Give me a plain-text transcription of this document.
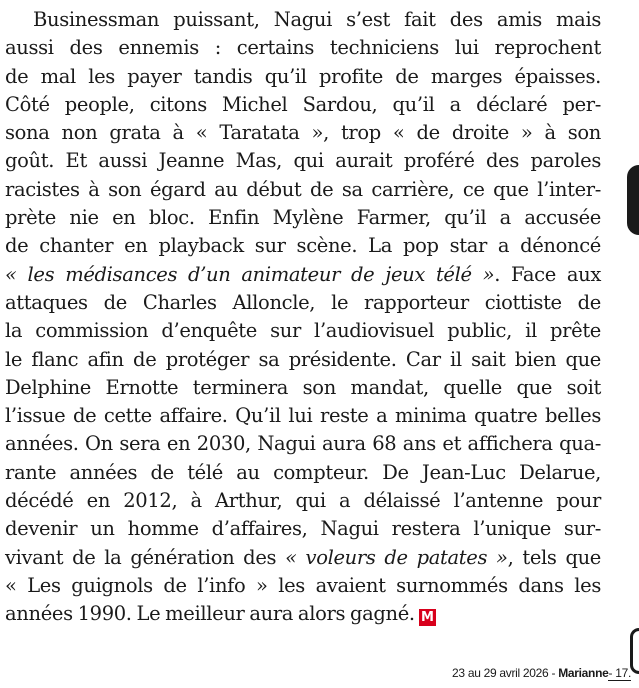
Businessman puissant, Nagui s’est fait des amis mais
aussi des ennemis : certains techniciens lui reprochent
de mal les payer tandis qu’il profite de marges épaisses.
Côté people, citons Michel Sardou, qu’il a déclaré per-
sona non grata à « Taratata », trop « de droite » à son
goût. Et aussi Jeanne Mas, qui aurait proféré des paroles
racistes à son égard au début de sa carrière, ce que l’inter-
prète nie en bloc. Enfin Mylène Farmer, qu’il a accusée
de chanter en playback sur scène. La pop star a dénoncé
« les médisances d’un animateur de jeux télé ». Face aux
attaques de Charles Alloncle, le rapporteur ciottiste de
la commission d’enquête sur l’audiovisuel public, il prête
le flanc afin de protéger sa présidente. Car il sait bien que
Delphine Ernotte terminera son mandat, quelle que soit
l’issue de cette affaire. Qu’il lui reste a minima quatre belles
années. On sera en 2030, Nagui aura 68 ans et affichera qua-
rante années de télé au compteur. De Jean-Luc Delarue,
décédé en 2012, à Arthur, qui a délaissé l’antenne pour
devenir un homme d’affaires, Nagui restera l’unique sur-
vivant de la génération des « voleurs de patates », tels que
« Les guignols de l’info » les avaient surnommés dans les
années 1990. Le meilleur aura alors gagné. M
23 au 29 avril 2026 - Marianne- 17.
